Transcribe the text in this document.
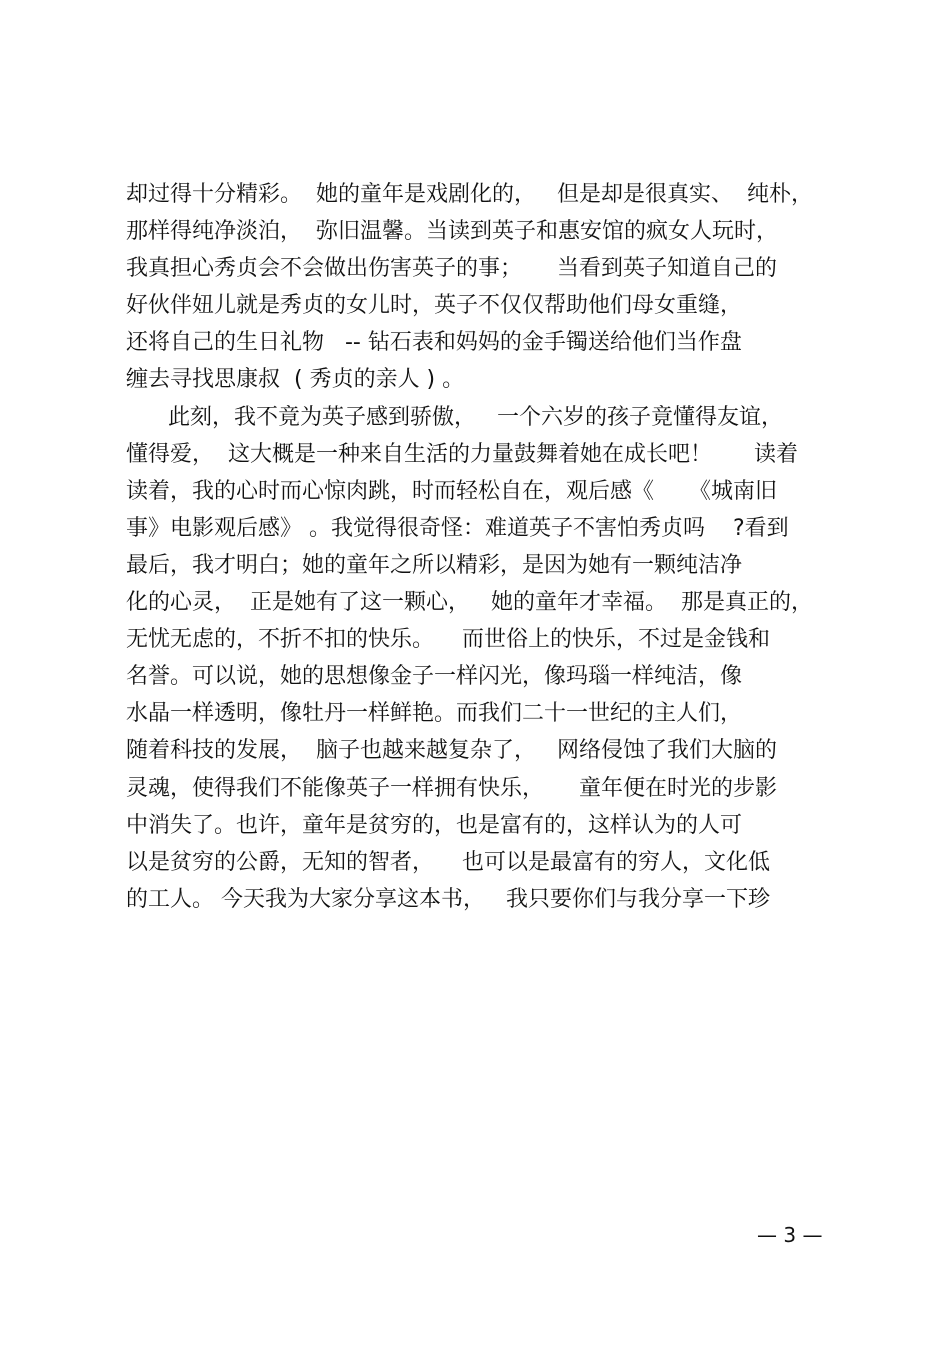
却过得十分精彩。  她的童年是戏剧化的，   但是却是很真实、  纯朴，
那样得纯净淡泊，  弥旧温馨。当读到英子和惠安馆的疯女人玩时，
我真担心秀贞会不会做出伤害英子的事；     当看到英子知道自己的
好伙伴妞儿就是秀贞的女儿时，英子不仅仅帮助他们母女重缝，
还将自己的生日礼物   -- 钻石表和妈妈的金手镯送给他们当作盘
缠去寻找思康叔  ( 秀贞的亲人 ) 。
此刻，我不竟为英子感到骄傲，   一个六岁的孩子竟懂得友谊，
懂得爱，  这大概是一种来自生活的力量鼓舞着她在成长吧！      读着
读着，我的心时而心惊肉跳，时而轻松自在，观后感《     《城南旧
事》电影观后感》 。我觉得很奇怪：难道英子不害怕秀贞吗    ?看到
最后，我才明白；她的童年之所以精彩，是因为她有一颗纯洁净
化的心灵，  正是她有了这一颗心，   她的童年才幸福。  那是真正的，
无忧无虑的，不折不扣的快乐。    而世俗上的快乐，不过是金钱和
名誉。可以说，她的思想像金子一样闪光，像玛瑙一样纯洁，像
水晶一样透明，像牡丹一样鲜艳。而我们二十一世纪的主人们，
随着科技的发展，  脑子也越来越复杂了，   网络侵蚀了我们大脑的
灵魂，使得我们不能像英子一样拥有快乐，     童年便在时光的步影
中消失了。也许，童年是贫穷的，也是富有的，这样认为的人可
以是贫穷的公爵，无知的智者，    也可以是最富有的穷人，文化低
的工人。 今天我为大家分享这本书，   我只要你们与我分享一下珍
— 3 —
